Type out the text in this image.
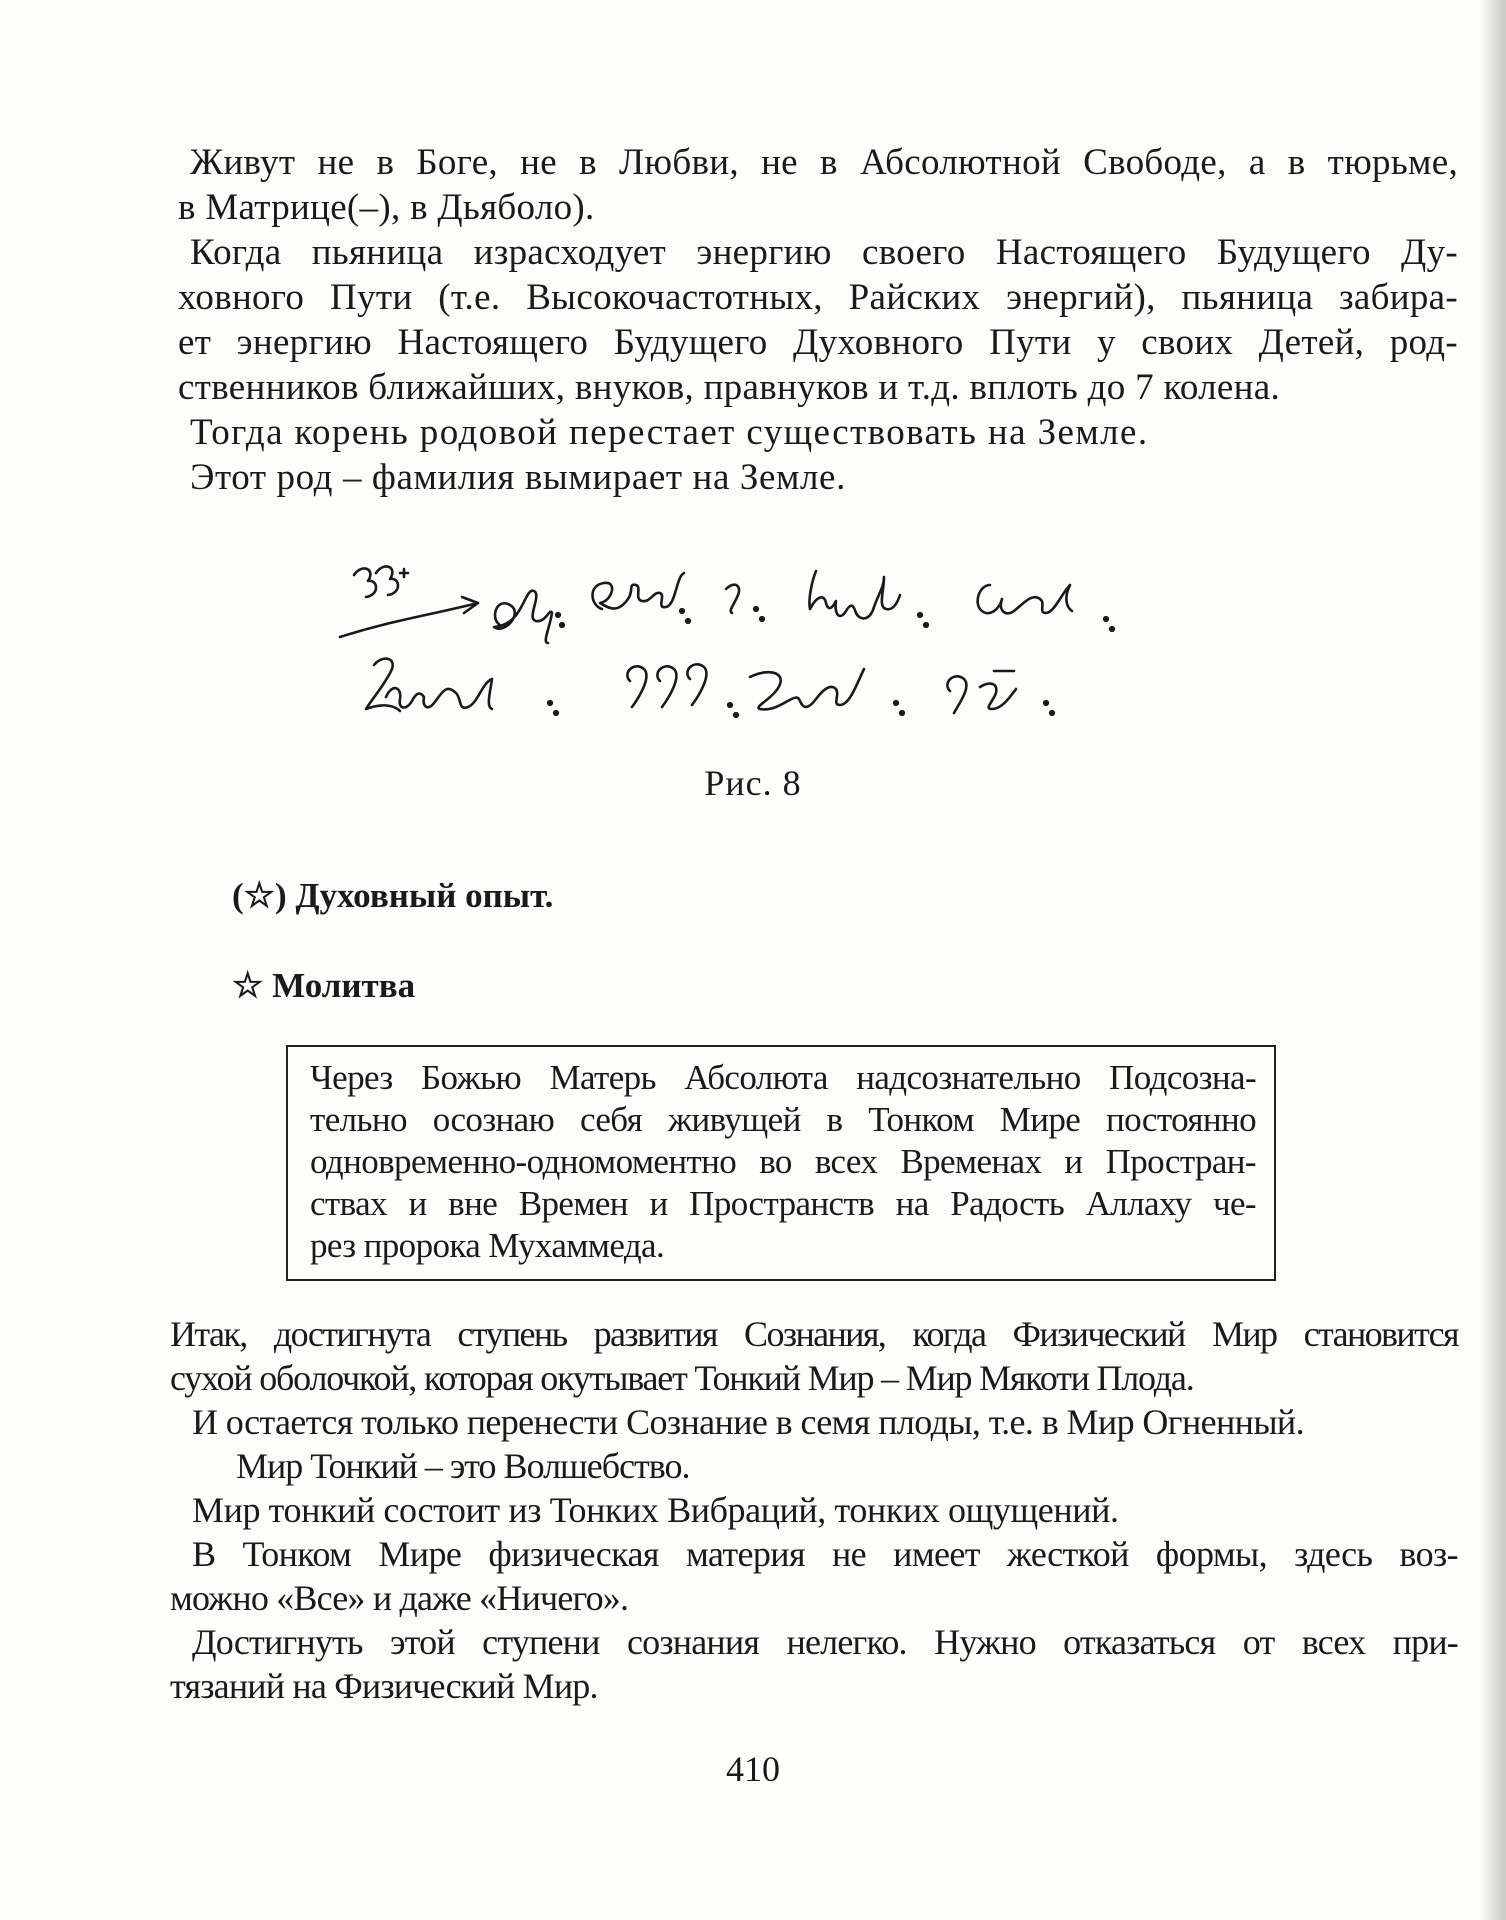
Живут не в Боге, не в Любви, не в Абсолютной Свободе, а в тюрьме,
в Матрице(–), в Дьяболо).

Когда пьяница израсходует энергию своего Настоящего Будущего Ду-
ховного Пути (т.е. Высокочастотных, Райских энергий), пьяница забира-
ет энергию Настоящего Будущего Духовного Пути у своих Детей, род-
ственников ближайших, внуков, правнуков и т.д. вплоть до 7 колена.

Тогда корень родовой перестает существовать на Земле.

Этот род – фамилия вымирает на Земле.

Рис. 8
(☆) Духовный опыт.
☆ Молитва
Через Божью Матерь Абсолюта надсознательно Подсозна-
тельно осознаю себя живущей в Тонком Мире постоянно
одновременно-одномоментно во всех Временах и Простран-
ствах и вне Времен и Пространств на Радость Аллаху че-
рез пророка Мухаммеда.

Итак, достигнута ступень развития Сознания, когда Физический Мир становится
сухой оболочкой, которая окутывает Тонкий Мир – Мир Мякоти Плода.

И остается только перенести Сознание в семя плоды, т.е. в Мир Огненный.

Мир Тонкий – это Волшебство.

Мир тонкий состоит из Тонких Вибраций, тонких ощущений.

В Тонком Мире физическая материя не имеет жесткой формы, здесь воз-
можно «Все» и даже «Ничего».

Достигнуть этой ступени сознания нелегко. Нужно отказаться от всех при-
тязаний на Физический Мир.

410
